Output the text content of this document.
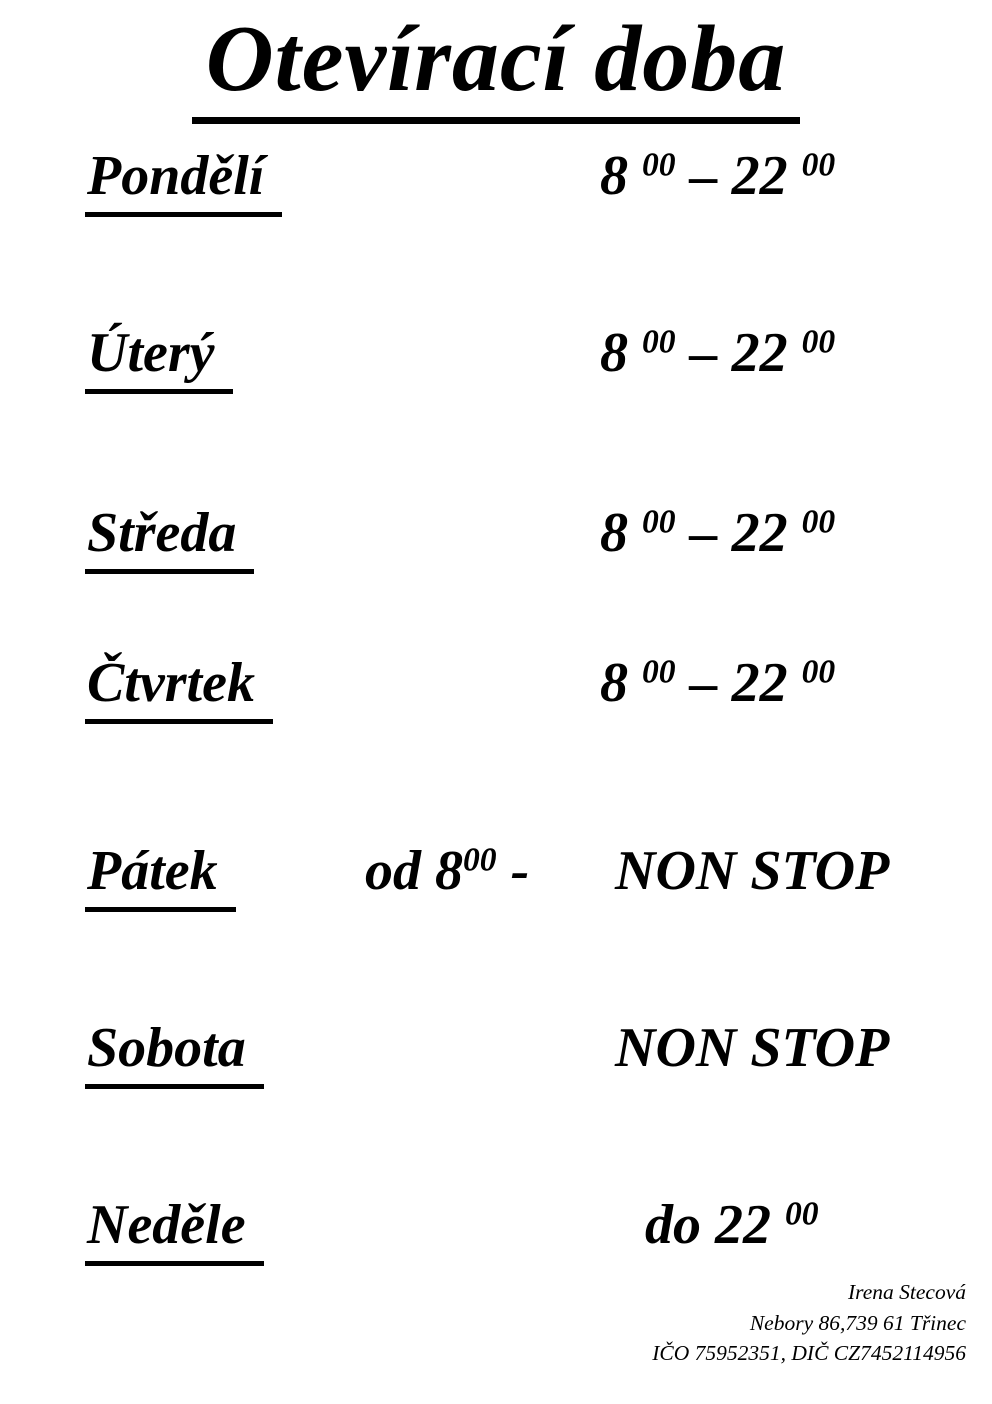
Otevírací doba
Pondělí	8 $^{00}$ – 22 $^{00}$
Úterý	8 $^{00}$ – 22 $^{00}$
Středa	8 $^{00}$ – 22 $^{00}$
Čtvrtek	8 $^{00}$ – 22 $^{00}$
Pátek	od $8^{00}$ - NON STOP
Sobota	NON STOP
Neděle	do 22 $^{00}$
Irena Stecová
Nebory 86,739 61 Třinec
IČO 75952351, DIČ CZ7452114956
